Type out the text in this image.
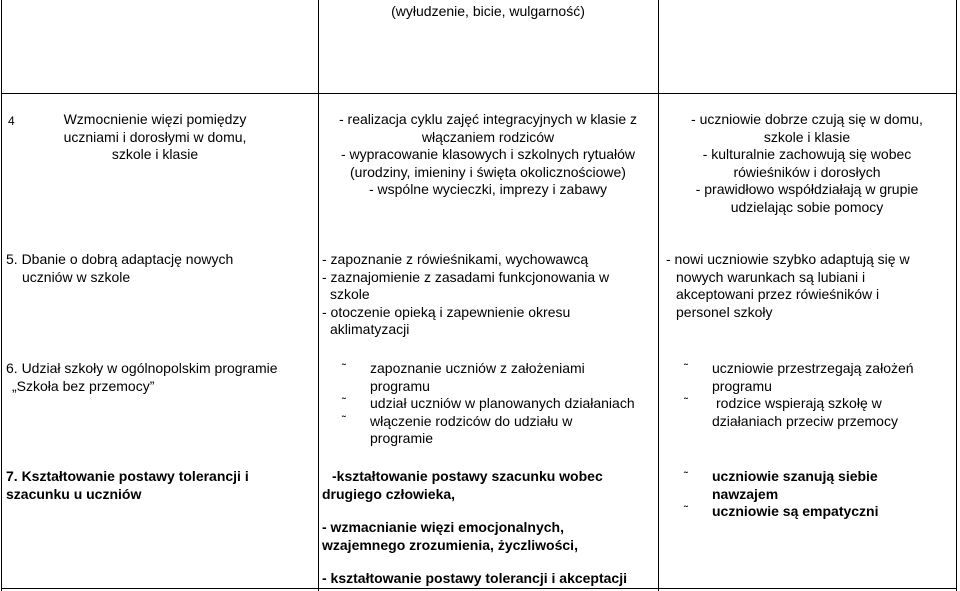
(wyłudzenie, bicie, wulgarność)
4	Wzmocnienie więzi pomiędzy
uczniami i dorosłymi w domu,
szkole i klasie
- realizacja cyklu zajęć integracyjnych w klasie z
włączaniem rodziców
- wypracowanie klasowych i szkolnych rytuałów
(urodziny, imieniny i święta okolicznościowe)
- wspólne wycieczki, imprezy i zabawy
- uczniowie dobrze czują się w domu,
szkole i klasie
- kulturalnie zachowują się wobec
rówieśników i dorosłych
- prawidłowo współdziałają w grupie
udzielając sobie pomocy
5. Dbanie o dobrą adaptację nowych
uczniów w szkole
- zapoznanie z rówieśnikami, wychowawcą
- zaznajomienie z zasadami funkcjonowania w
szkole
- otoczenie opieką i zapewnienie okresu
aklimatyzacji
- nowi uczniowie szybko adaptują się w
nowych warunkach są lubiani i
akceptowani przez rówieśników i
personel szkoły
6. Udział szkoły w ogólnopolskim programie
„Szkoła bez przemocy”
˜
˜
˜
zapoznanie uczniów z założeniami
programu
udział uczniów w planowanych działaniach
włączenie rodziców do udziału w
programie
˜
˜
uczniowie przestrzegają założeń
programu
rodzice wspierają szkołę w
działaniach przeciw przemocy
7. Kształtowanie postawy tolerancji i
szacunku u uczniów
-kształtowanie postawy szacunku wobec
drugiego człowieka,
- wzmacnianie więzi emocjonalnych,
wzajemnego zrozumienia, życzliwości,
- kształtowanie postawy tolerancji i akceptacji
˜
˜
uczniowie szanują siebie
nawzajem
uczniowie są empatyczni
